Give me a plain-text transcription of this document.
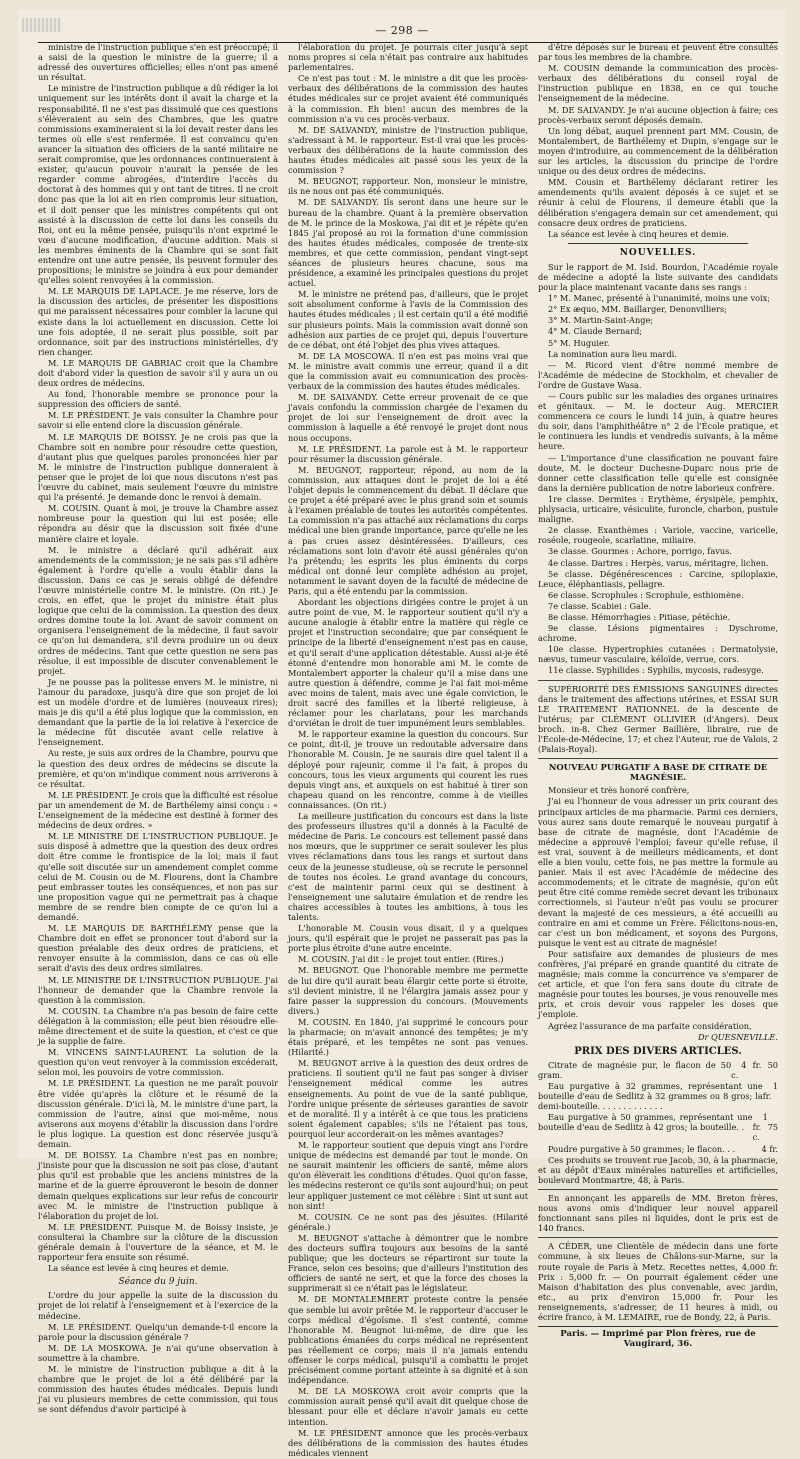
— 298 —

ministre de l'instruction publique s'en est préoccupé; il a saisi de la question le ministre de la guerre; il a adressé des ouvertures officielles; elles n'ont pas amené un résultat.

Le ministre de l'instruction publique a dû rédiger la loi uniquement sur les intérêts dont il avait la charge et la responsabilité. Il ne s'est pas dissimulé que ces questions s'élèveraient au sein des Chambres, que les quatre commissions examineraient si la loi devait rester dans les termes où elle s'est renfermée. Il est convaincu qu'en avancer la situation des officiers de la santé militaire ne serait compromise, que les ordonnances continueraient à exister, qu'aucun pouvoir n'aurait la pensée de les regarder comme abrogées, d'interdire l'accès du doctorat à des hommes qui y ont tant de titres. Il ne croit donc pas que la loi ait en rien compromis leur situation, et il doit penser que les ministres compétents qui ont assisté à la discussion de cette loi dans les conseils du Roi, ont eu la même pensée, puisqu'ils n'ont exprimé le vœu d'aucune modification, d'aucune addition. Mais si les membres éminents de la Chambre qui se sont fait entendre ont une autre pensée, ils peuvent formuler des propositions; le ministre se joindra à eux pour demander qu'elles soient renvoyées à la commission.

M. LE MARQUIS DE LAPLACE. Je me réserve, lors de la discussion des articles, de présenter les dispositions qui me paraissent nécessaires pour combler la lacune qui existe dans la loi actuellement en discussion. Cette loi une fois adoptée, il ne serait plus possible, soit par ordonnance, soit par des instructions ministérielles, d'y rien changer.

M. LE MARQUIS DE GABRIAC croit que la Chambre doit d'abord vider la question de savoir s'il y aura un ou deux ordres de médecins.

Au fond, l'honorable membre se prononce pour la suppression des officiers de santé.

M. LE PRÉSIDENT. Je vais consulter la Chambre pour savoir si elle entend clore la discussion générale.

M. LE MARQUIS DE BOISSY. Je ne crois pas que la Chambre soit en nombre pour résoudre cette question, d'autant plus que quelques paroles prononcées hier par M. le ministre de l'instruction publique donneraient à penser que le projet de loi que nous discutons n'est pas l'œuvre du cabinet, mais seulement l'œuvre du ministre qui l'a présenté. Je demande donc le renvoi à demain.

M. COUSIN. Quant à moi, je trouve la Chambre assez nombreuse pour la question qui lui est posée; elle répondra au désir que la discussion soit fixée d'une manière claire et loyale.

M. le ministre a déclaré qu'il adhérait aux amendements de la commission; je ne sais pas s'il adhère également à l'ordre qu'elle a voulu établir dans la discussion. Dans ce cas je serais obligé de défendre l'œuvre ministérielle contre M. le ministre. (On rit.) Je crois, en effet, que le projet du ministre était plus logique que celui de la commission. La question des deux ordres domine toute la loi. Avant de savoir comment on organisera l'enseignement de la médecine, il faut savoir ce qu'on lui demandera, s'il devra produire un ou deux ordres de médecins. Tant que cette question ne sera pas résolue, il est impossible de discuter convenablement le projet.

Je ne pousse pas la politesse envers M. le ministre, ni l'amour du paradoxe, jusqu'à dire que son projet de loi est un modèle d'ordre et de lumières (nouveaux rires); mais je dis qu'il a été plus logique que la commission, en demandant que la partie de la loi relative à l'exercice de la médecine fût discutée avant celle relative à l'enseignement.

Au reste, je suis aux ordres de la Chambre, pourvu que la question des deux ordres de médecins se discute la première, et qu'on m'indique comment nous arriverons à ce résultat.

M. LE PRÉSIDENT. Je crois que la difficulté est résolue par un amendement de M. de Barthélemy ainsi conçu : « L'enseignement de la médecine est destiné à former des médecins de deux ordres. »

M. LE MINISTRE DE L'INSTRUCTION PUBLIQUE. Je suis disposé à admettre que la question des deux ordres doit être comme le frontispice de la loi; mais il faut qu'elle soit discutée sur un amendement complet comme celui de M. Cousin ou de M. Flourens, dont la Chambre peut embrasser toutes les conséquences, et non pas sur une proposition vague qui ne permettrait pas à chaque membre de se rendre bien compte de ce qu'on lui a demandé.

M. LE MARQUIS DE BARTHÉLEMY pense que la Chambre doit en effet se prononcer tout d'abord sur la question préalable des deux ordres de praticiens, et renvoyer ensuite à la commission, dans ce cas où elle serait d'avis des deux ordres similaires.

M. LE MINISTRE DE L'INSTRUCTION PUBLIQUE. J'ai l'honneur de demander que la Chambre renvoie la question à la commission.

M. COUSIN. La Chambre n'a pas besoin de faire cette délégation à la commission; elle peut bien résoudre elle-même directement et de suite la question, et c'est ce que je la supplie de faire.

M. VINCENS SAINT-LAURENT. La solution de la question qu'on veut renvoyer à la commission excéderait, selon moi, les pouvoirs de votre commission.

M. LE PRÉSIDENT. La question ne me paraît pouvoir être vidée qu'après la clôture et le résumé de la discussion générale. D'ici là, M. le ministre d'une part, la commission de l'autre, ainsi que moi-même, nous aviserons aux moyens d'établir la discussion dans l'ordre le plus logique. La question est donc réservée jusqu'à demain.

M. DE BOISSY. La Chambre n'est pas en nombre; j'insiste pour que la discussion ne soit pas close, d'autant plus qu'il est probable que les anciens ministres de la marine et de la guerre éprouveront le besoin de donner demain quelques explications sur leur refus de concourir avec M. le ministre de l'instruction publique à l'élaboration du projet de loi.

M. LE PRÉSIDENT. Puisque M. de Boissy insiste, je consulterai la Chambre sur la clôture de la discussion générale demain à l'ouverture de la séance, et M. le rapporteur fera ensuite son résumé.

La séance est levée à cinq heures et demie.

Séance du 9 juin.

L'ordre du jour appelle la suite de la discussion du projet de loi relatif à l'enseignement et à l'exercice de la médecine.

M. LE PRÉSIDENT. Quelqu'un demande-t-il encore la parole pour la discussion générale ?

M. DE LA MOSKOWA. Je n'ai qu'une observation à soumettre à la chambre.

M. le ministre de l'instruction publique a dit à la chambre que le projet de loi a été délibéré par la commission des hautes études médicales. Depuis lundi j'ai vu plusieurs membres de cette commission, qui tous se sont défendus d'avoir participé à

l'élaboration du projet. Je pourrais citer jusqu'à sept noms propres si cela n'était pas contraire aux habitudes parlementaires.

Ce n'est pas tout : M. le ministre a dit que les procès-verbaux des délibérations de la commission des hautes études médicales sur ce projet avaient été communiqués à la commission. Eh bien! aucun des membres de la commission n'a vu ces procès-verbaux.

M. DE SALVANDY, ministre de l'instruction publique, s'adressant à M. le rapporteur. Est-il vrai que les procès-verbaux des délibérations de la haute commission des hautes études médicales ait passé sous les yeux de la commission ?

M. BEUGNOT, rapporteur. Non, monsieur le ministre, ils ne nous ont pas été communiqués.

M. DE SALVANDY. Ils seront dans une heure sur le bureau de la chambre. Quant à la première observation de M. le prince de la Moskowa, j'ai dit et je répète qu'en 1845 j'ai proposé au roi la formation d'une commission des hautes études médicales, composée de trente-six membres, et que cette commission, pendant vingt-sept séances de plusieurs heures chacune, sous ma présidence, a examiné les principales questions du projet actuel.

M. le ministre ne prétend pas, d'ailleurs, que le projet soit absolument conforme à l'avis de la Commission des hautes études médicales ; il est certain qu'il a été modifié sur plusieurs points. Mais la commission avait donné son adhésion aux parties de ce projet qui, depuis l'ouverture de ce débat, ont été l'objet des plus vives attaques.

M. DE LA MOSCOWA. Il n'en est pas moins vrai que M. le ministre avait commis une erreur, quand il a dit que la commission avait eu communication des procès-verbaux de la commission des hautes études médicales.

M. DE SALVANDY. Cette erreur provenait de ce que j'avais confondu la commission chargée de l'examen du projet de loi sur l'enseignement de droit avec la commission à laquelle a été renvoyé le projet dont nous nous occupons.

M. LE PRÉSIDENT. La parole est à M. le rapporteur pour résumer la discussion générale.

M. BEUGNOT, rapporteur, répond, au nom de la commission, aux attaques dont le projet de loi a été l'objet depuis le commencement du débat. Il déclare que ce projet a été préparé avec le plus grand soin et soumis à l'examen préalable de toutes les autorités compétentes. La commission n'a pas attaché aux réclamations du corps médical une bien grande importance, parce qu'elle ne les a pas crues assez désintéressées. D'ailleurs, ces réclamations sont loin d'avoir été aussi générales qu'on l'a prétendu; les esprits les plus éminents du corps médical ont donné leur complète adhésion au projet, notamment le savant doyen de la faculté de médecine de Paris, qui a été entendu par la commission.

Abordant les objections dirigées contre le projet à un autre point de vue, M. le rapporteur soutient qu'il n'y a aucune analogie à établir entre la matière qui règle ce projet et l'instruction secondaire; que par conséquent le principe de la liberté d'enseignement n'est pas en cause, et qu'il serait d'une application détestable. Aussi ai-je été étonné d'entendre mon honorable ami M. le comte de Montalembert apporter la chaleur qu'il a mise dans une autre question à défendre, comme je l'ai fait moi-même avec moins de talent, mais avec une égale conviction, le droit sacré des familles et la liberté religieuse, à réclamer pour les charlatans, pour les marchands d'orviétan le droit de tuer impunément leurs semblables.

M. le rapporteur examine la question du concours. Sur ce point, dit-il, je trouve un redoutable adversaire dans l'honorable M. Cousin. Je ne saurais dire quel talent il a déployé pour rajeunir, comme il l'a fait, à propos du concours, tous les vieux arguments qui courent les rues depuis vingt ans, et auxquels on est habitué à tirer son chapeau quand on les rencontre, comme à de vieilles connaissances. (On rit.)

La meilleure justification du concours est dans la liste des professeurs illustres qu'il a donnés à la Faculté de médecine de Paris. Le concours est tellement passé dans nos mœurs, que le supprimer ce serait soulever les plus vives réclamations dans tous les rangs et surtout dans ceux de la jeunesse studieuse, où se recrute le personnel de toutes nos écoles. Le grand avantage du concours, c'est de maintenir parmi ceux qui se destinent à l'enseignement une salutaire émulation et de rendre les chaires accessibles à toutes les ambitions, à tous les talents.

L'honorable M. Cousin vous disait, il y a quelques jours, qu'il espérait que le projet ne passerait pas pas la porte plus étroite d'une autre enceinte.

M. COUSIN. J'ai dit : le projet tout entier. (Rires.)

M. BEUGNOT. Que l'honorable membre me permette de lui dire qu'il aurait beau élargir cette porte si étroite, s'il devient ministre, il ne l'élargira jamais assez pour y faire passer la suppression du concours. (Mouvements divers.)

M. COUSIN. En 1840, j'ai supprimé le concours pour la pharmacie; on m'avait annoncé des tempêtes; je m'y étais préparé, et les tempêtes ne sont pas venues. (Hilarité.)

M. BEUGNOT arrive à la question des deux ordres de praticiens. Il soutient qu'il ne faut pas songer à diviser l'enseignement médical comme les autres enseignements. Au point de vue de la santé publique, l'ordre unique présente de sérieuses garanties de savoir et de moralité. Il y a intérêt à ce que tous les praticiens soient également capables; s'ils ne l'étaient pas tous, pourquoi leur accorderait-on les mêmes avantages?

M. le rapporteur soutient que depuis vingt ans l'ordre unique de médecins est demandé par tout le monde. On ne saurait maintenir les officiers de santé, même alors qu'on élèverait les conditions d'études. Quoi qu'on fasse, les médecins resteront ce qu'ils sont aujourd'hui; on peut leur appliquer justement ce mot célèbre : Sint ut sunt aut non sint!

M. COUSIN. Ce ne sont pas des jésuites. (Hilarité générale.)

M. BEUGNOT s'attache à démontrer que le nombre des docteurs suffira toujours aux besoins de la santé publique; que les docteurs se répartiront sur toute la France, selon ces besoins; que d'ailleurs l'institution des officiers de santé ne sert, et que la force des choses la supprimerait si ce n'était pas le législateur.

M. DE MONTALEMBERT proteste contre la pensée que semble lui avoir prêtée M. le rapporteur d'accuser le corps médical d'égoïsme. Il s'est contenté, comme l'honorable M. Beugnot lui-même, de dire que les publications émanées du corps médical ne représentent pas réellement ce corps; mais il n'a jamais entendu offenser le corps médical, puisqu'il a combattu le projet précisément comme portant atteinte à sa dignité et à son indépendance.

M. DE LA MOSKOWA croit avoir compris que la commission aurait pensé qu'il avait dit quelque chose de blessant pour elle et déclare n'avoir jamais eu cette intention.

M. LE PRÉSIDENT annonce que les procès-verbaux des délibérations de la commission des hautes études médicales viennent

d'être déposés sur le bureau et peuvent être consultés par tous les membres de la chambre.

M. COUSIN demande la communication des procès-verbaux des délibérations du conseil royal de l'instruction publique en 1838, en ce qui touche l'enseignement de la médecine.

M. DE SALVANDY. Je n'ai aucune objection à faire; ces procès-verbaux seront déposés demain.

Un long débat, auquel prennent part MM. Cousin, de Montalembert, de Barthélemy et Dupin, s'engage sur le moyen d'introduire, au commencement de la délibération sur les articles, la discussion du principe de l'ordre unique ou des deux ordres de médecins.

MM. Cousin et Barthélemy déclarant retirer les amendements qu'ils avaient déposés à ce sujet et se réunir à celui de Flourens, il demeure établi que la délibération s'engagera demain sur cet amendement, qui consacre deux ordres de praticiens.

La séance est levée à cinq heures et demie.

NOUVELLES.

Sur le rapport de M. Isid. Bourdon, l'Académie royale de médecine a adopté la liste suivante des candidats pour la place maintenant vacante dans ses rangs :

1° M. Manec, présenté à l'unanimité, moins une voix;

2° Ex æquo, MM. Baillarger, Denonvilliers;

3° M. Martin-Saint-Ange;

4° M. Claude Bernard;

5° M. Huguier.

La nomination aura lieu mardi.

— M. Ricord vient d'être nommé membre de l'Académie de médecine de Stockholm, et chevalier de l'ordre de Gustave Wasa.

— Cours public sur les maladies des organes urinaires et génitaux. — M. le docteur Aug. MERCIER commencera ce cours le lundi 14 juin, à quatre heures du soir, dans l'amphithéâtre n° 2 de l'École pratique, et le continuera les lundis et vendredis suivants, à la même heure.

— L'importance d'une classification ne pouvant faire doute, M. le docteur Duchesne-Duparc nous prie de donner cette classification telle qu'elle est consignée dans la dernière publication de notre laborieux confrère.

1re classe. Dermites : Erythème, érysipèle, pemphix, phlysacia, urticaire, vésiculite, furoncle, charbon, pustule maligne.

2e classe. Exanthèmes : Variole, vaccine, varicelle, roséole, rougeole, scarlatine, miliaire.

3e classe. Gourmes : Achore, porrigo, favus.

4e classe. Dartres : Herpès, varus, méritagre, lichen.

5e classe. Dégénérescences : Carcine, spiloplaxie, Leuce, éléphantiasis, pellagre.

6e classe. Scrophules : Scrophule, esthiomène.

7e classe. Scabiei : Gale.

8e classe. Hémorrhagies : Pitiase, pétéchie.

9e classe. Lésions pigmentaires : Dyschrome, achrome.

10e classe. Hypertrophies cutanées : Dermatolysie, nævus, tumeur vasculaire, kéloïde, verrue, cors.

11e classe. Syphilides : Syphilis, mycosis, radesyge.

SUPÉRIORITÉ DES ÉMISSIONS SANGUINES directes dans le traitement des affections utérines, et ESSAI SUR LE TRAITEMENT RATIONNEL de la descente de l'utérus; par CLÉMENT OLLIVIER (d'Angers). Deux broch. in-8. Chez Germer Baillière, libraire, rue de l'École-de-Médecine, 17; et chez l'Auteur, rue de Valois, 2 (Palais-Royal).

NOUVEAU PURGATIF A BASE DE CITRATE DE MAGNÉSIE.

Monsieur et très honoré confrère,

J'ai eu l'honneur de vous adresser un prix courant des principaux articles de ma pharmacie. Parmi ces derniers, vous aurez sans doute remarqué le nouveau purgatif à base de citrate de magnésie, dont l'Académie de médecine a approuvé l'emploi; faveur qu'elle refuse, il est vrai, souvent à de meilleurs médicaments, et dont elle a bien voulu, cette fois, ne pas mettre la formule au panier. Mais il est avec l'Académie de médecine des accommodements; et le citrate de magnésie, qu'on eût peut être cité comme remède secret devant les tribunaux correctionnels, si l'auteur n'eût pas voulu se procurer devant la majesté de ces messieurs, a été accueilli au contraire en ami et comme un Frère. Félicitons-nous-en, car c'est un bon médicament, et soyons des Purgons, puisque le vent est au citrate de magnésie!

Pour satisfaire aux demandes de plusieurs de mes confrères, j'ai préparé en grande quantité du citrate de magnésie; mais comme la concurrence va s'emparer de cet article, et que l'on fera sans doute du citrate de magnésie pour toutes les bourses, je vous renouvelle mes prix, et crois devoir vous rappeler les doses que j'emploie.

Agréez l'assurance de ma parfaite considération,

Dr QUESNEVILLE.

PRIX DES DIVERS ARTICLES.

Citrate de magnésie pur, le flacon de 50 gram.
4 fr. 50 c.

Eau purgative à 32 grammes, représentant une bouteille d'eau de Sedlitz à 32 grammes ou 8 gros; la demi-bouteille. . . . . . . . . . . . .
1 fr.

Eau purgative à 50 grammes, représentant une bouteille d'eau de Sedlitz à 42 gros; la bouteille. .
1 fr. 75 c.

Poudre purgative à 50 grammes; le flacon. . .	4 fr.

Ces produits se trouvent rue Jacob, 30, à la pharmacie, et au dépôt d'Eaux minérales naturelles et artificielles, boulevard Montmartre, 48, à Paris.

En annonçant les appareils de MM. Breton frères, nous avons omis d'indiquer leur nouvel appareil fonctionnant sans piles ni liquides, dont le prix est de 140 francs.

A CÉDER, une Clientèle de médecin dans une forte commune, à six lieues de Châlons-sur-Marne, sur la route royale de Paris à Metz. Recettes nettes, 4,000 fr. Prix : 5,000 fr. — On pourrait également céder une Maison d'habitation des plus convenable, avec jardin, etc., au prix d'environ 15,000 fr. Pour les renseignements, s'adresser, de 11 heures à midi, ou écrire franco, à M. LEMAIRE, rue de Bondy, 22, à Paris.

Paris. — Imprimé par Plon frères, rue de Vaugirard, 36.
